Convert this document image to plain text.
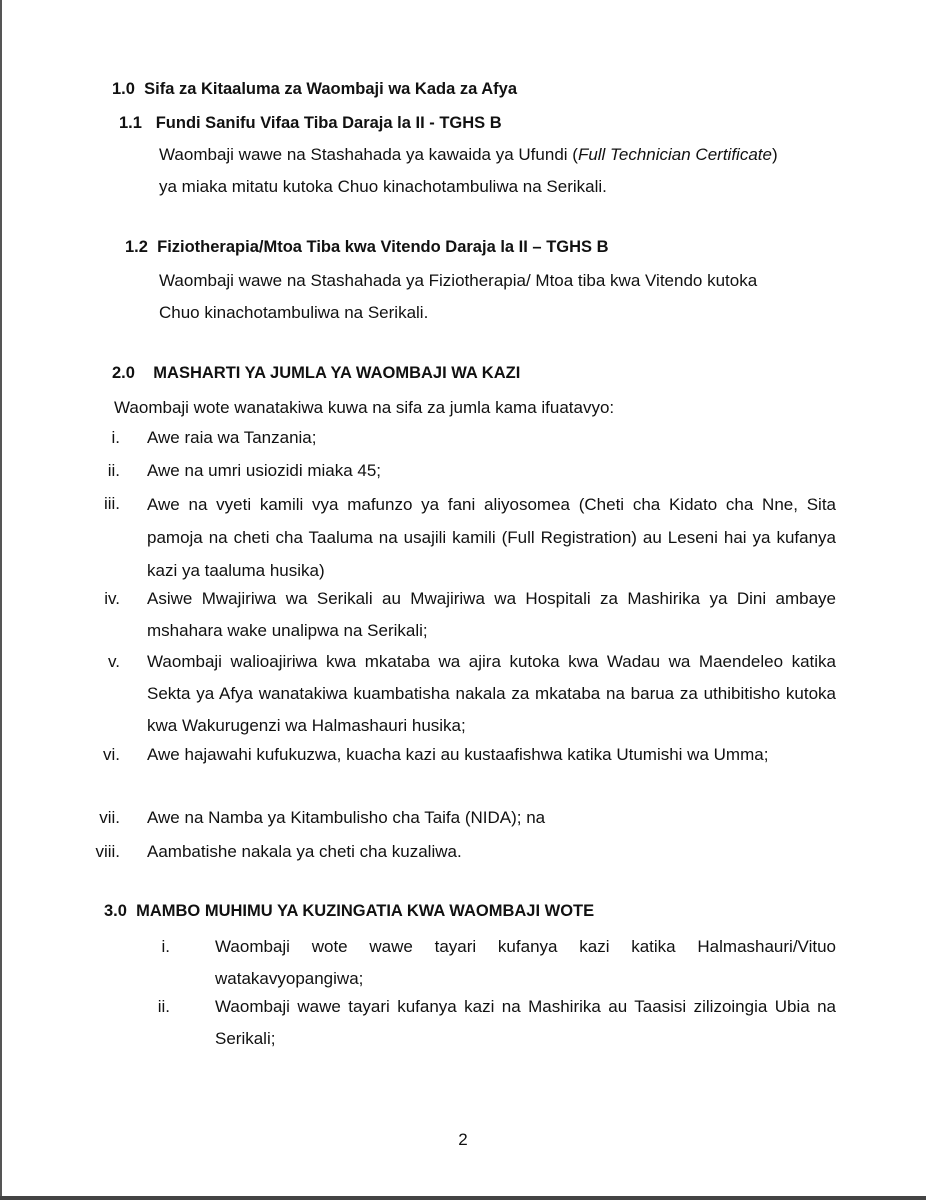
1.0 Sifa za Kitaaluma za Waombaji wa Kada za Afya
1.1 Fundi Sanifu Vifaa Tiba Daraja la II - TGHS B
Waombaji wawe na Stashahada ya kawaida ya Ufundi (Full Technician Certificate)
ya miaka mitatu kutoka Chuo kinachotambuliwa na Serikali.
1.2 Fiziotherapia/Mtoa Tiba kwa Vitendo Daraja la II – TGHS B
Waombaji wawe na Stashahada ya Fiziotherapia/ Mtoa tiba kwa Vitendo kutoka
Chuo kinachotambuliwa na Serikali.
2.0 MASHARTI YA JUMLA YA WAOMBAJI WA KAZI
Waombaji wote wanatakiwa kuwa na sifa za jumla kama ifuatavyo:
i. Awe raia wa Tanzania;
ii. Awe na umri usiozidi miaka 45;
iii. Awe na vyeti kamili vya mafunzo ya fani aliyosomea (Cheti cha Kidato cha Nne, Sita pamoja na cheti cha Taaluma na usajili kamili (Full Registration) au Leseni hai ya kufanya kazi ya taaluma husika)
iv. Asiwe Mwajiriwa wa Serikali au Mwajiriwa wa Hospitali za Mashirika ya Dini ambaye mshahara wake unalipwa na Serikali;
v. Waombaji walioajiriwa kwa mkataba wa ajira kutoka kwa Wadau wa Maendeleo katika Sekta ya Afya wanatakiwa kuambatisha nakala za mkataba na barua za uthibitisho kutoka kwa Wakurugenzi wa Halmashauri husika;
vi. Awe hajawahi kufukuzwa, kuacha kazi au kustaafishwa katika Utumishi wa Umma;
vii. Awe na Namba ya Kitambulisho cha Taifa (NIDA); na
viii. Aambatishe nakala ya cheti cha kuzaliwa.
3.0 MAMBO MUHIMU YA KUZINGATIA KWA WAOMBAJI WOTE
i.	Waombaji wote wawe tayari kufanya kazi katika Halmashauri/Vituo watakavyopangiwa;
ii.	Waombaji wawe tayari kufanya kazi na Mashirika au Taasisi zilizoingia Ubia na Serikali;
2
